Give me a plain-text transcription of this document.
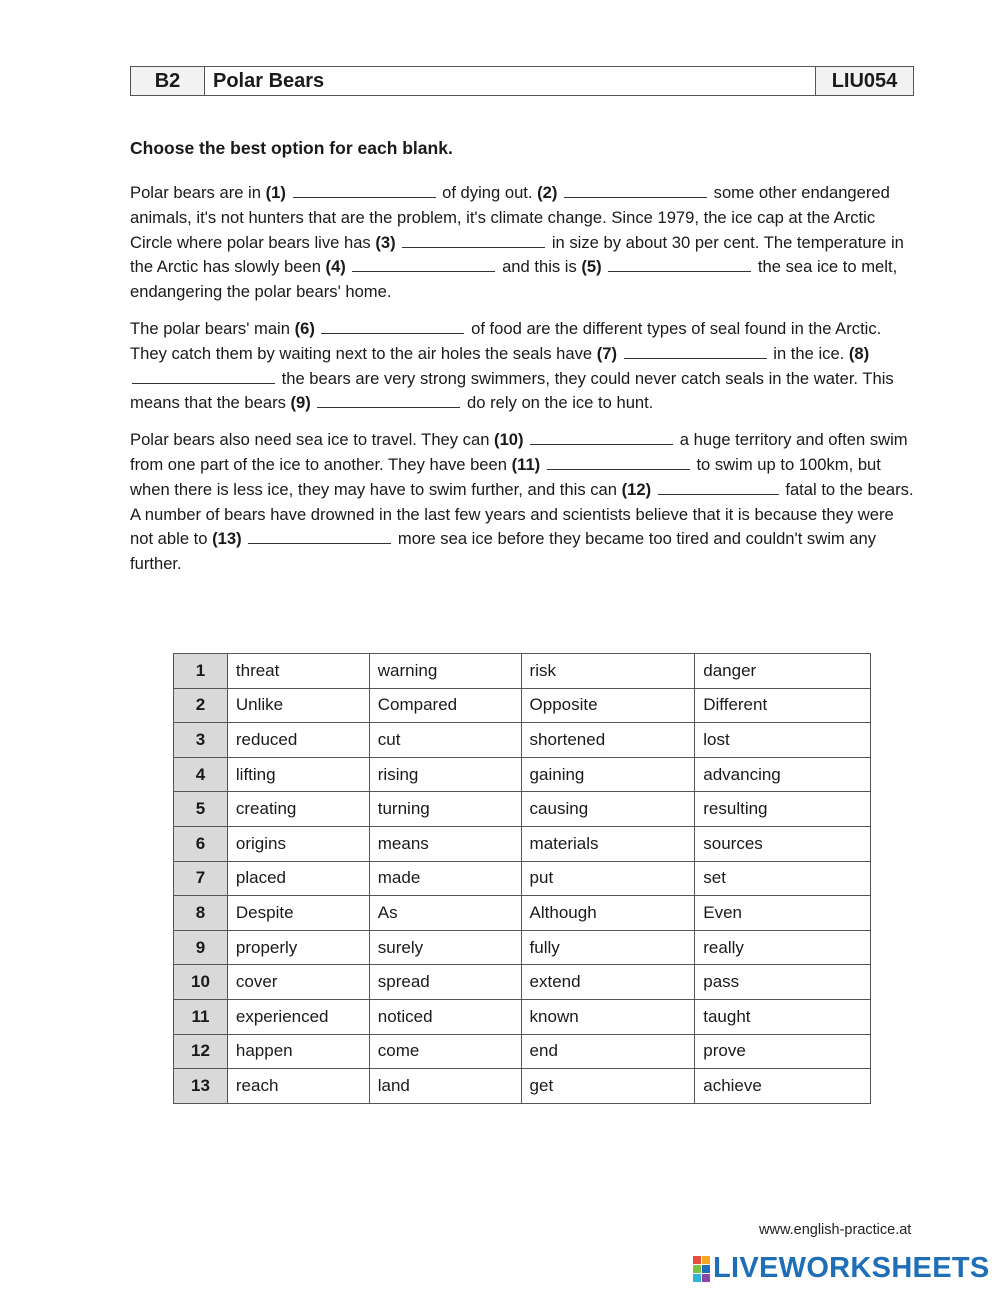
B2	Polar Bears	LIU054
Choose the best option for each blank.

Polar bears are in (1)	of dying out. (2)	some other endangered animals, it's not hunters that are the problem, it's climate change. Since 1979, the ice cap at the Arctic Circle where polar bears live has (3)	in size by about 30 per cent. The temperature in the Arctic has slowly been (4)	and this is (5)	the sea ice to melt, endangering the polar bears' home.

The polar bears' main (6)	of food are the different types of seal found in the Arctic. They catch them by waiting next to the air holes the seals have (7)	in the ice. (8)  the bears are very strong swimmers, they could never catch seals in the water. This means that the bears (9)	do rely on the ice to hunt.

Polar bears also need sea ice to travel. They can (10)	a huge territory and often swim from one part of the ice to another. They have been (11)	to swim up to 100km, but when there is less ice, they may have to swim further, and this can (12)	fatal to the bears. A number of bears have drowned in the last few years and scientists believe that it is because they were not able to (13)	more sea ice before they became too tired and couldn't swim any further.

1	threat	warning	risk	danger
2	Unlike	Compared	Opposite	Different
3	reduced	cut	shortened	lost
4	lifting	rising	gaining	advancing
5	creating	turning	causing	resulting
6	origins	means	materials	sources
7	placed	made	put	set
8	Despite	As	Although	Even
9	properly	surely	fully	really
10	cover	spread	extend	pass
11	experienced	noticed	known	taught
12	happen	come	end	prove
13	reach	land	get	achieve
www.english-practice.at
LIVEWORKSHEETS
